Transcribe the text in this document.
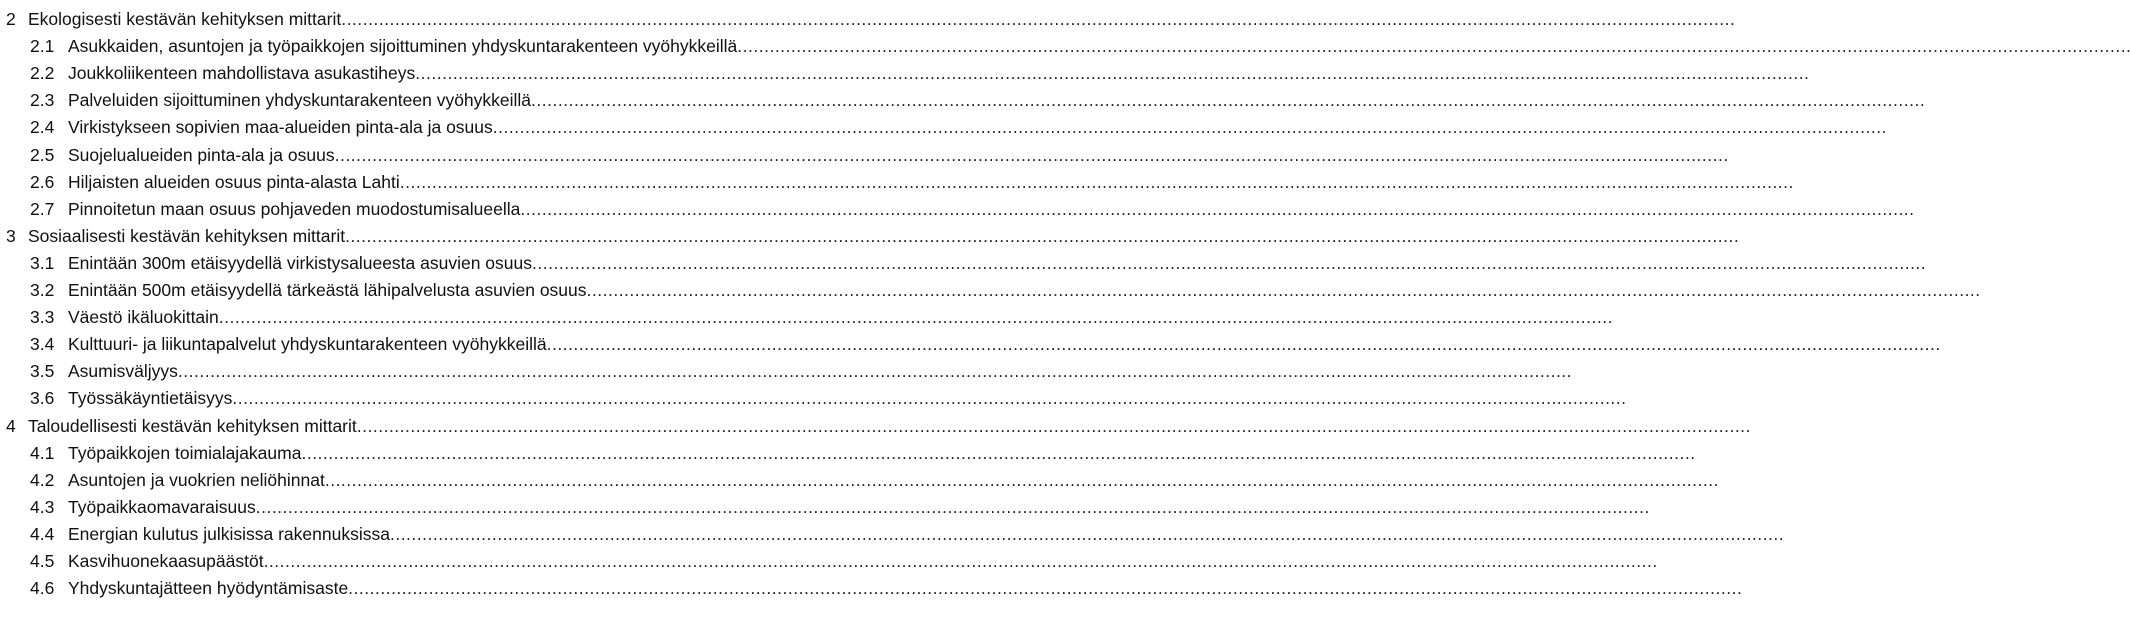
2 Ekologisesti kestävän kehityksen mittarit ....................................................................................................................................................................................................................................................................
2.1 Asukkaiden, asuntojen ja työpaikkojen sijoittuminen yhdyskuntarakenteen vyöhykkeillä ....................................................................................................................................................................................................................................................................
2.2 Joukkoliikenteen mahdollistava asukastiheys ....................................................................................................................................................................................................................................................................
2.3 Palveluiden sijoittuminen yhdyskuntarakenteen vyöhykkeillä ....................................................................................................................................................................................................................................................................
2.4 Virkistykseen sopivien maa-alueiden pinta-ala ja osuus ....................................................................................................................................................................................................................................................................
2.5 Suojelualueiden pinta-ala ja osuus ....................................................................................................................................................................................................................................................................
2.6 Hiljaisten alueiden osuus pinta-alasta Lahti ....................................................................................................................................................................................................................................................................
2.7 Pinnoitetun maan osuus pohjaveden muodostumisalueella ....................................................................................................................................................................................................................................................................
3 Sosiaalisesti kestävän kehityksen mittarit ....................................................................................................................................................................................................................................................................
3.1 Enintään 300m etäisyydellä virkistysalueesta asuvien osuus ....................................................................................................................................................................................................................................................................
3.2 Enintään 500m etäisyydellä tärkeästä lähipalvelusta asuvien osuus ....................................................................................................................................................................................................................................................................
3.3 Väestö ikäluokittain ....................................................................................................................................................................................................................................................................
3.4 Kulttuuri- ja liikuntapalvelut yhdyskuntarakenteen vyöhykkeillä ....................................................................................................................................................................................................................................................................
3.5 Asumisväljyys ....................................................................................................................................................................................................................................................................
3.6 Työssäkäyntietäisyys ....................................................................................................................................................................................................................................................................
4 Taloudellisesti kestävän kehityksen mittarit ....................................................................................................................................................................................................................................................................
4.1 Työpaikkojen toimialajakauma ....................................................................................................................................................................................................................................................................
4.2 Asuntojen ja vuokrien neliöhinnat ....................................................................................................................................................................................................................................................................
4.3 Työpaikkaomavaraisuus ....................................................................................................................................................................................................................................................................
4.4 Energian kulutus julkisissa rakennuksissa ....................................................................................................................................................................................................................................................................
4.5 Kasvihuonekaasupäästöt ....................................................................................................................................................................................................................................................................
4.6 Yhdyskuntajätteen hyödyntämisaste ....................................................................................................................................................................................................................................................................
